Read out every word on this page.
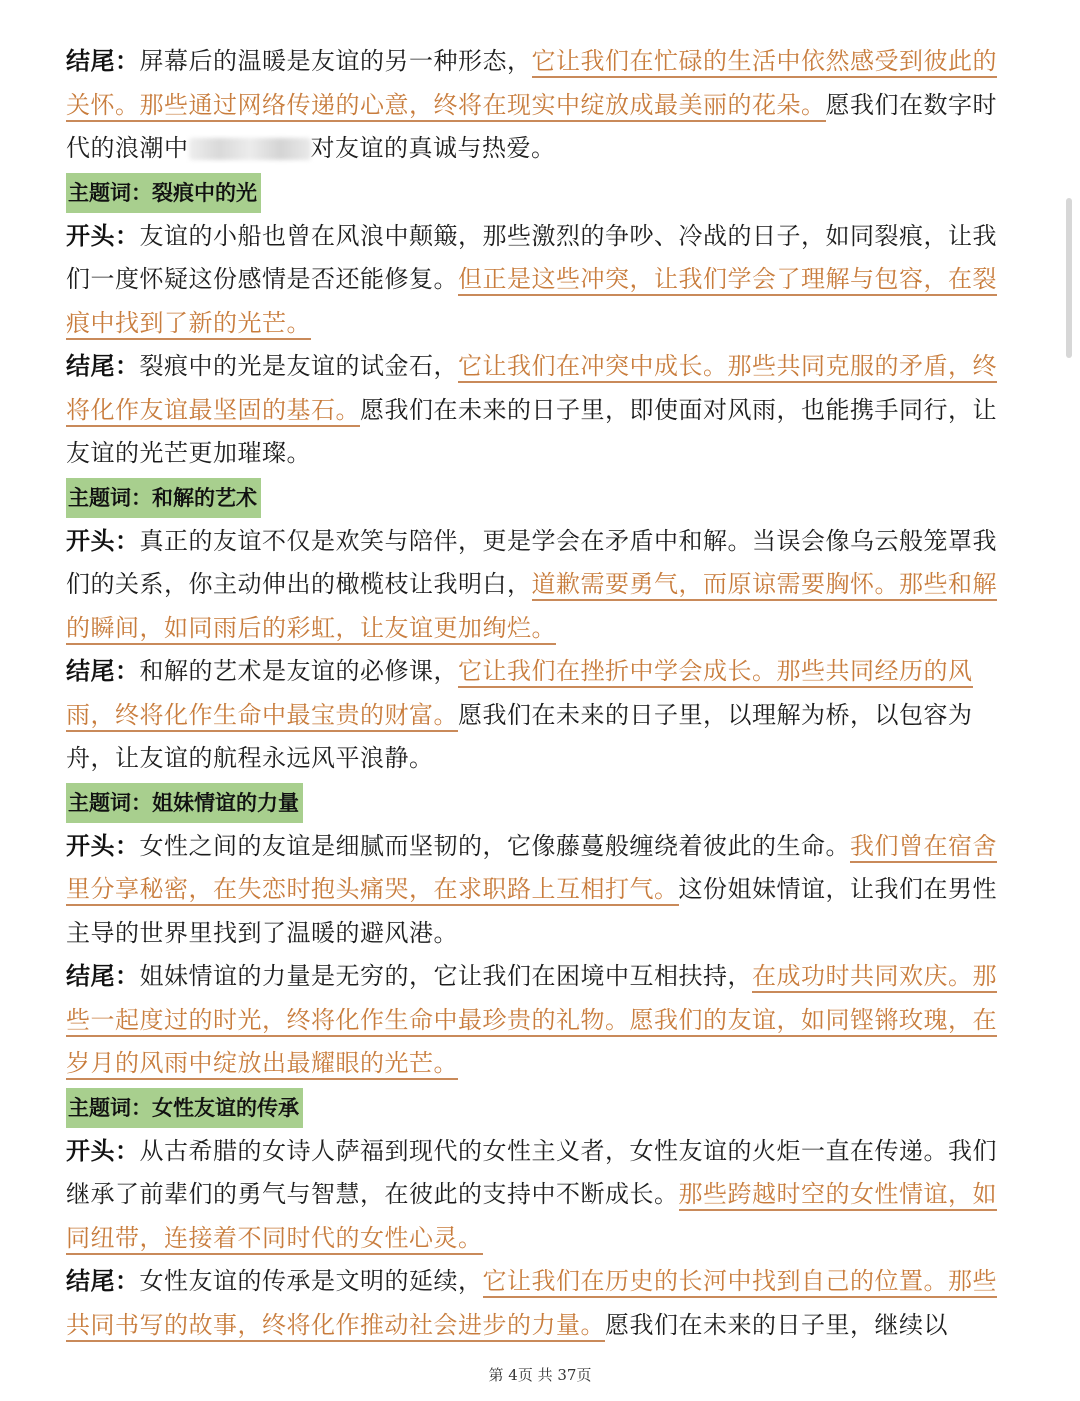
结尾：屏幕后的温暖是友谊的另一种形态，它让我们在忙碌的生活中依然感受到彼此的关怀。那些通过网络传递的心意，终将在现实中绽放成最美丽的花朵。愿我们在数字时代的浪潮中	对友谊的真诚与热爱。

主题词：裂痕中的光

开头：友谊的小船也曾在风浪中颠簸，那些激烈的争吵、冷战的日子，如同裂痕，让我们一度怀疑这份感情是否还能修复。但正是这些冲突，让我们学会了理解与包容，在裂痕中找到了新的光芒。

结尾：裂痕中的光是友谊的试金石，它让我们在冲突中成长。那些共同克服的矛盾，终将化作友谊最坚固的基石。愿我们在未来的日子里，即使面对风雨，也能携手同行，让友谊的光芒更加璀璨。

主题词：和解的艺术

开头：真正的友谊不仅是欢笑与陪伴，更是学会在矛盾中和解。当误会像乌云般笼罩我们的关系，你主动伸出的橄榄枝让我明白，道歉需要勇气，而原谅需要胸怀。那些和解的瞬间，如同雨后的彩虹，让友谊更加绚烂。

结尾：和解的艺术是友谊的必修课，它让我们在挫折中学会成长。那些共同经历的风雨，终将化作生命中最宝贵的财富。愿我们在未来的日子里，以理解为桥，以包容为舟，让友谊的航程永远风平浪静。

主题词：姐妹情谊的力量

开头：女性之间的友谊是细腻而坚韧的，它像藤蔓般缠绕着彼此的生命。我们曾在宿舍里分享秘密，在失恋时抱头痛哭，在求职路上互相打气。这份姐妹情谊，让我们在男性主导的世界里找到了温暖的避风港。

结尾：姐妹情谊的力量是无穷的，它让我们在困境中互相扶持，在成功时共同欢庆。那些一起度过的时光，终将化作生命中最珍贵的礼物。愿我们的友谊，如同铿锵玫瑰，在岁月的风雨中绽放出最耀眼的光芒。

主题词：女性友谊的传承

开头：从古希腊的女诗人萨福到现代的女性主义者，女性友谊的火炬一直在传递。我们继承了前辈们的勇气与智慧，在彼此的支持中不断成长。那些跨越时空的女性情谊，如同纽带，连接着不同时代的女性心灵。

结尾：女性友谊的传承是文明的延续，它让我们在历史的长河中找到自己的位置。那些共同书写的故事，终将化作推动社会进步的力量。愿我们在未来的日子里，继续以

第 4页 共 37页
